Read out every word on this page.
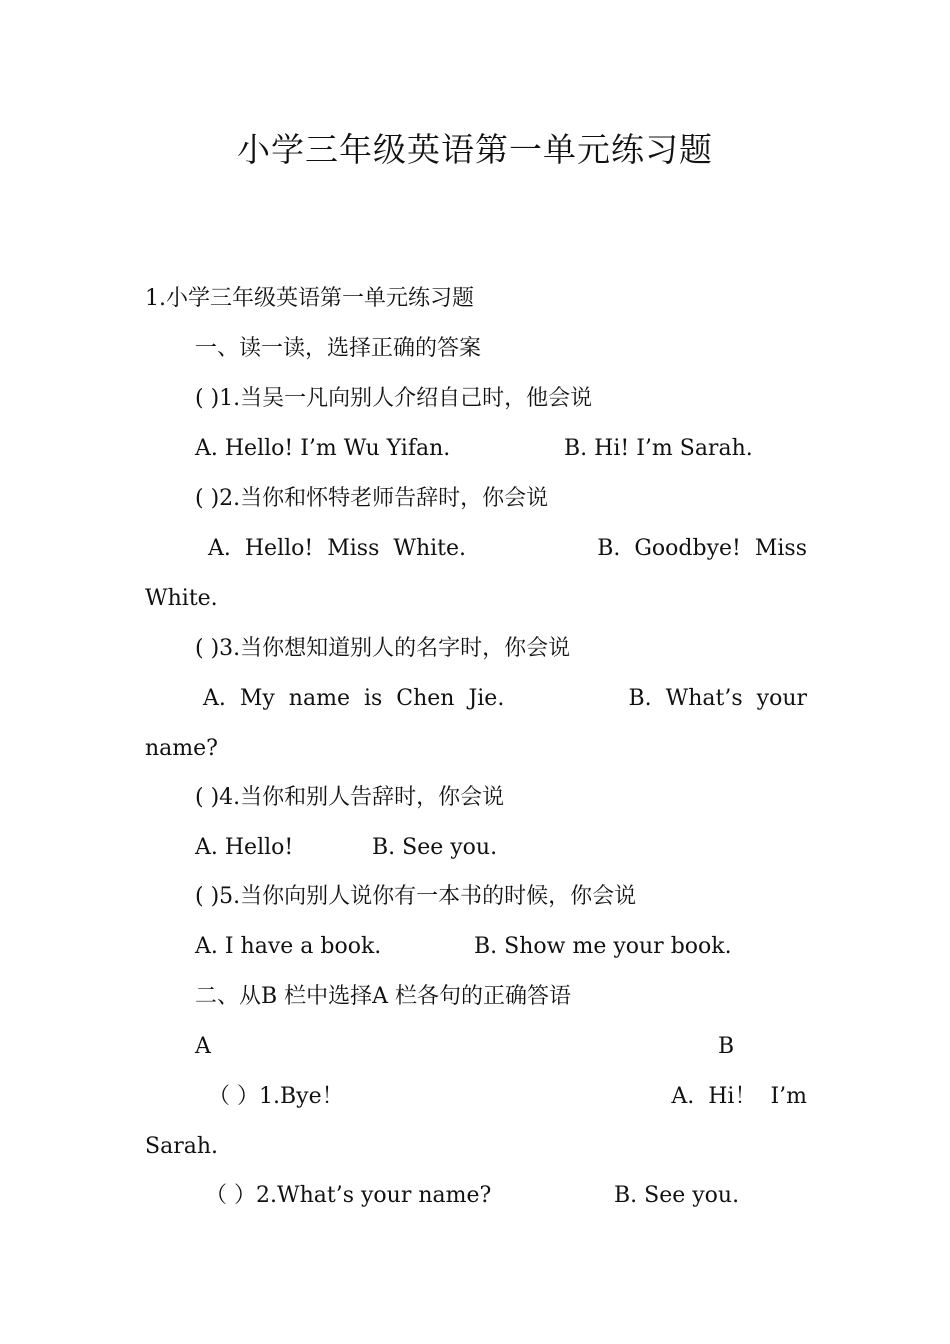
小学三年级英语第一单元练习题
1.小学三年级英语第一单元练习题
一、读一读，选择正确的答案
( )1.当吴一凡向别人介绍自己时，他会说
A. Hello! I’m Wu Yifan.	B. Hi! I’m Sarah.
( )2.当你和怀特老师告辞时，你会说
A.  Hello!  Miss  White.	B.  Goodbye!  Miss
White.
( )3.当你想知道别人的名字时，你会说
A.  My  name  is  Chen  Jie.	B.  What’s  your
name?
( )4.当你和别人告辞时，你会说
A. Hello!	B. See you.
( )5.当你向别人说你有一本书的时候，你会说
A. I have a book.	B. Show me your book.
二、从B 栏中选择A 栏各句的正确答语
A	B
（ ）1.Bye！	A.  Hi！  I’m
Sarah.
（ ）2.What’s your name?	B. See you.
